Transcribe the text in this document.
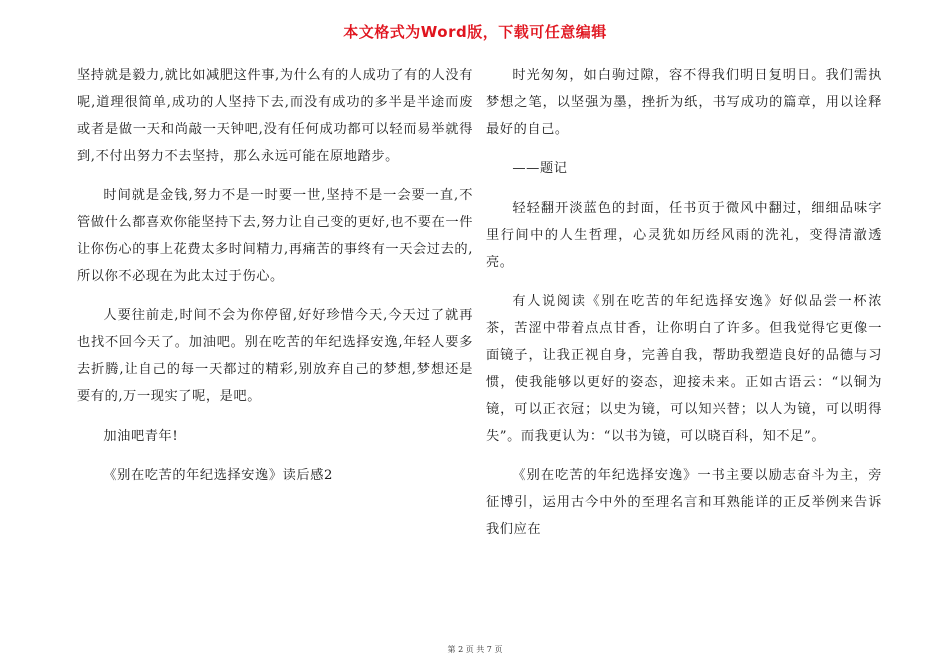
本文格式为Word版，下载可任意编辑

坚持就是毅力,就比如减肥这件事,为什么有的人成功了有的人没有呢,道理很简单,成功的人坚持下去,而没有成功的多半是半途而废或者是做一天和尚敲一天钟吧,没有任何成功都可以轻而易举就得到,不付出努力不去坚持，那么永远可能在原地踏步。

时间就是金钱,努力不是一时要一世,坚持不是一会要一直,不管做什么都喜欢你能坚持下去,努力让自己变的更好,也不要在一件让你伤心的事上花费太多时间精力,再痛苦的事终有一天会过去的,所以你不必现在为此太过于伤心。

人要往前走,时间不会为你停留,好好珍惜今天,今天过了就再也找不回今天了。加油吧。别在吃苦的年纪选择安逸,年轻人要多去折腾,让自己的每一天都过的精彩,别放弃自己的梦想,梦想还是要有的,万一现实了呢，是吧。

加油吧青年!

《别在吃苦的年纪选择安逸》读后感2

时光匆匆，如白驹过隙，容不得我们明日复明日。我们需执梦想之笔，以坚强为墨，挫折为纸，书写成功的篇章，用以诠释最好的自己。

——题记

轻轻翻开淡蓝色的封面，任书页于微风中翻过，细细品味字里行间中的人生哲理，心灵犹如历经风雨的洗礼，变得清澈透亮。

有人说阅读《别在吃苦的年纪选择安逸》好似品尝一杯浓茶，苦涩中带着点点甘香，让你明白了许多。但我觉得它更像一面镜子，让我正视自身，完善自我，帮助我塑造良好的品德与习惯，使我能够以更好的姿态，迎接未来。正如古语云：“以铜为镜，可以正衣冠；以史为镜，可以知兴替；以人为镜，可以明得失”。而我更认为：“以书为镜，可以晓百科，知不足”。

《别在吃苦的年纪选择安逸》一书主要以励志奋斗为主，旁征博引，运用古今中外的至理名言和耳熟能详的正反举例来告诉我们应在

第 2 页 共 7 页
